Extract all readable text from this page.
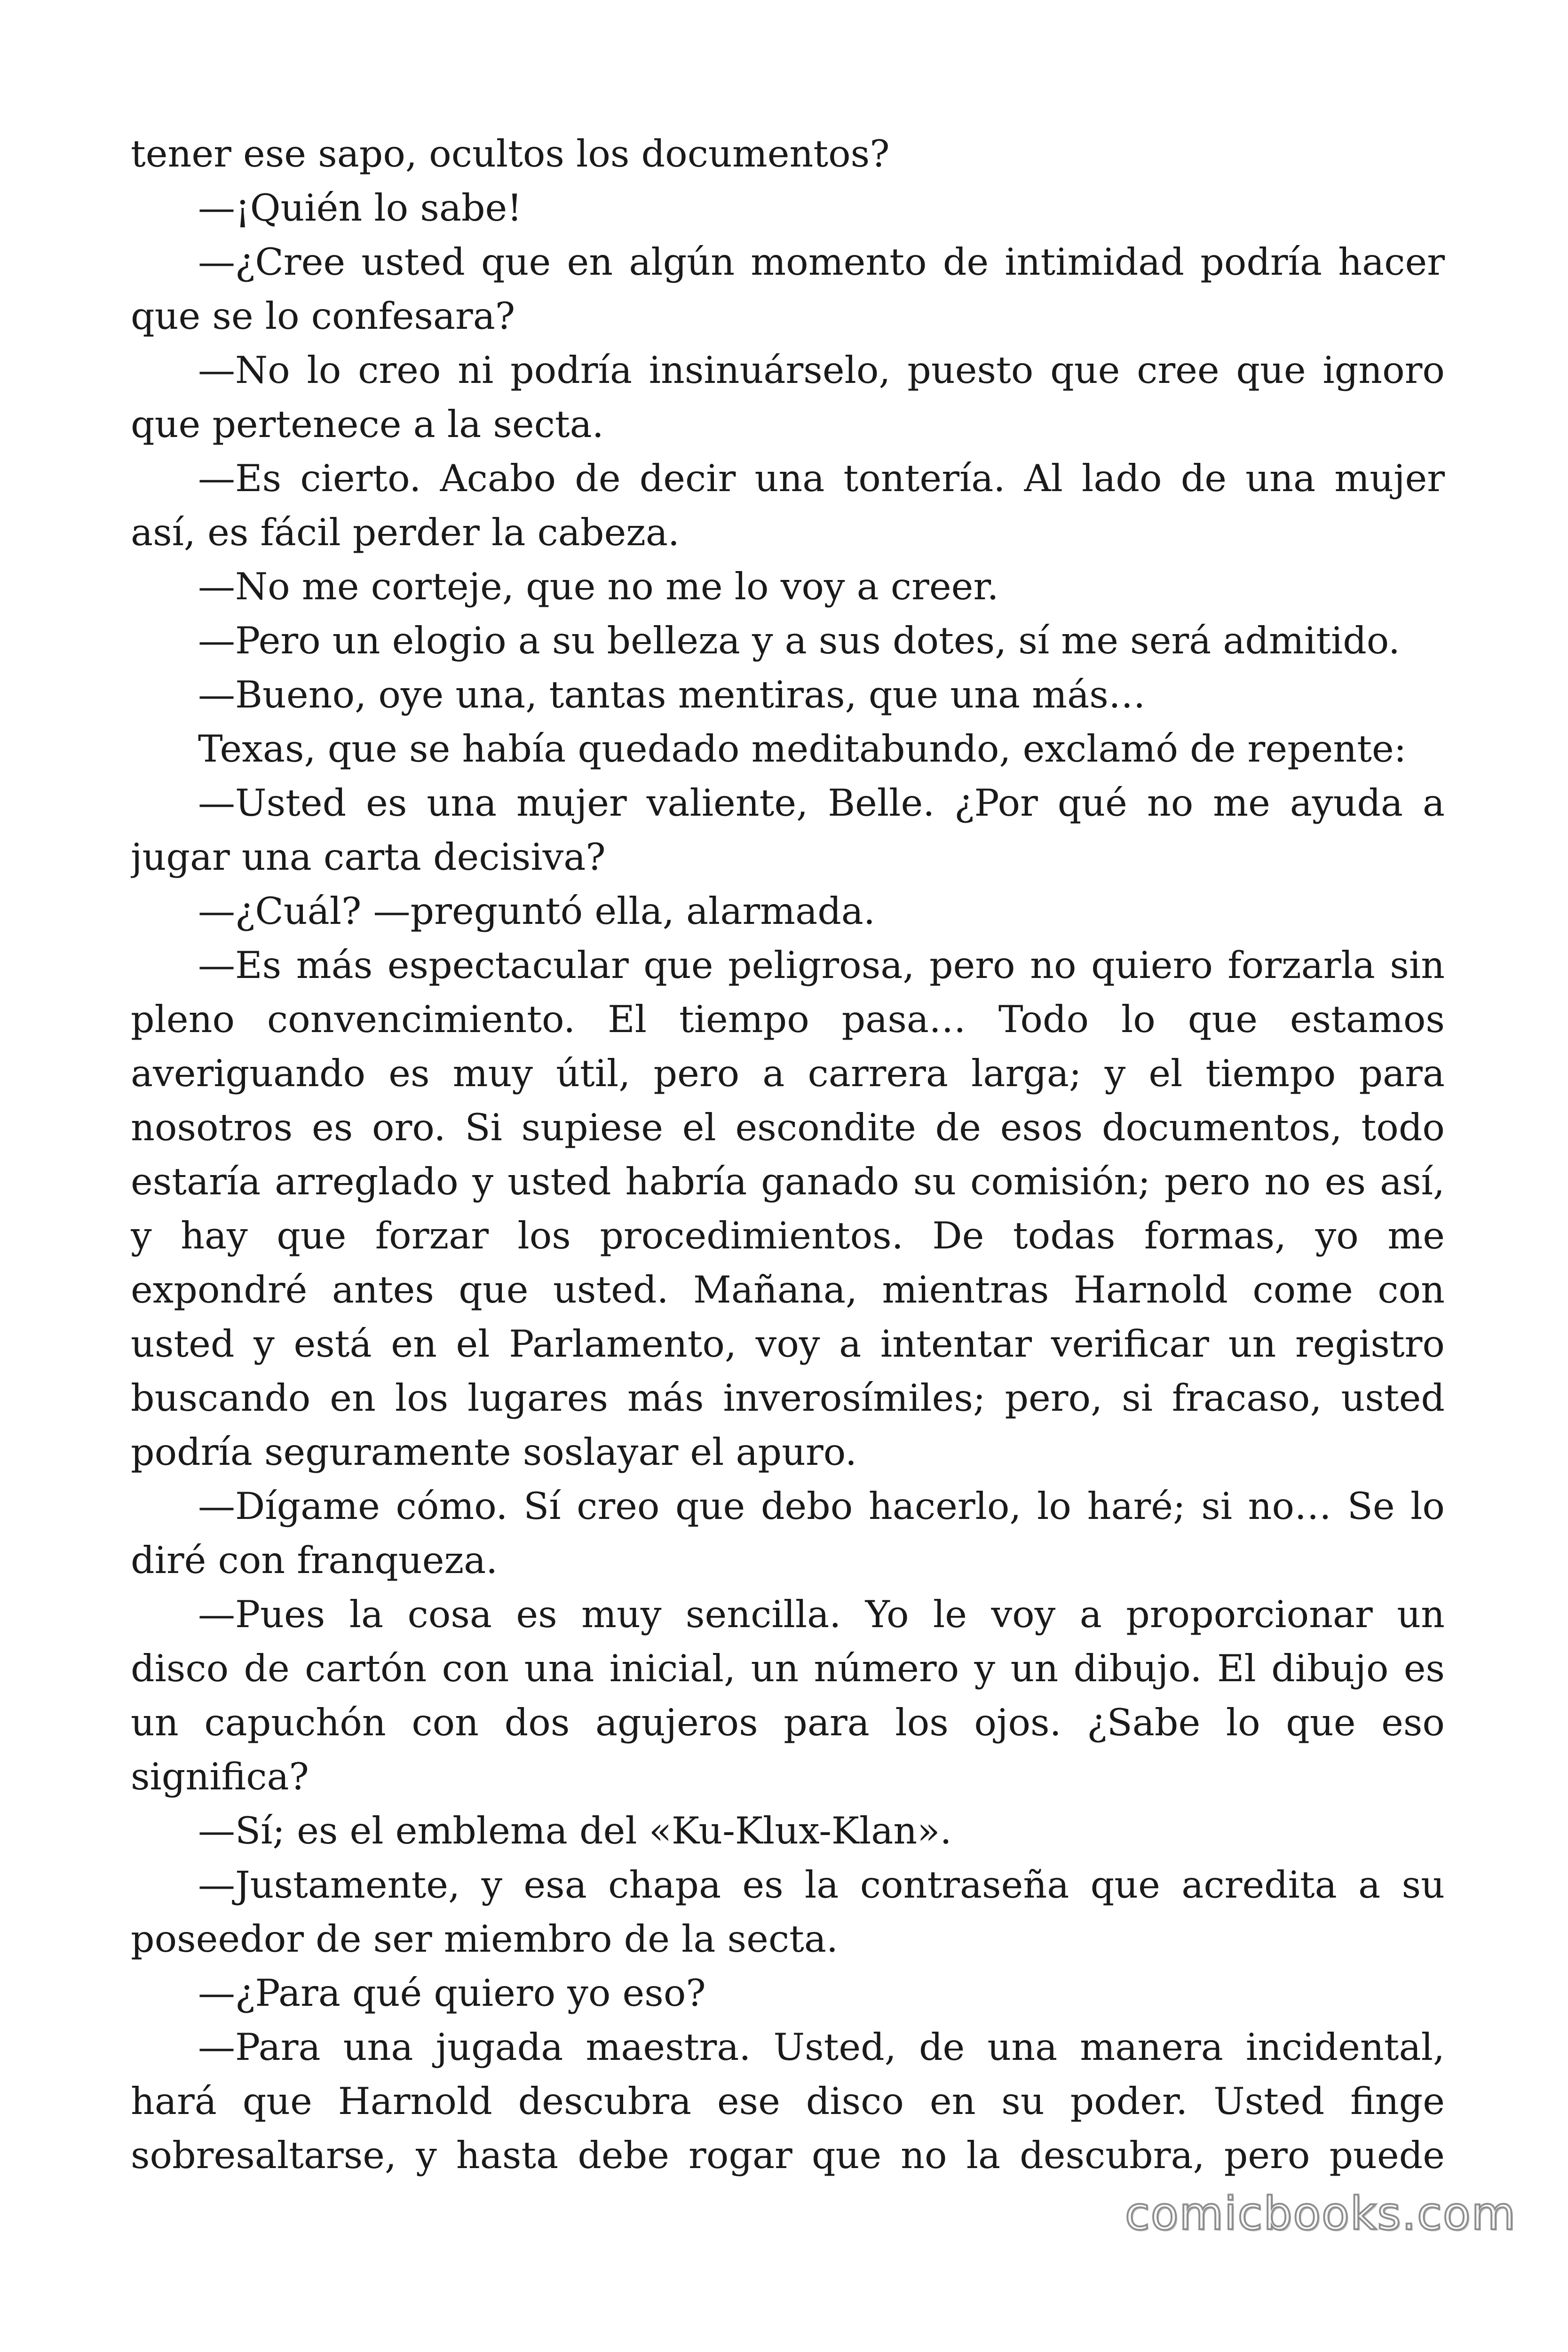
tener ese sapo, ocultos los documentos?
—¡Quién lo sabe!
—¿Cree usted que en algún momento de intimidad podría hacer
que se lo confesara?
—No lo creo ni podría insinuárselo, puesto que cree que ignoro
que pertenece a la secta.
—Es cierto. Acabo de decir una tontería. Al lado de una mujer
así, es fácil perder la cabeza.
—No me corteje, que no me lo voy a creer.
—Pero un elogio a su belleza y a sus dotes, sí me será admitido.
—Bueno, oye una, tantas mentiras, que una más…
Texas, que se había quedado meditabundo, exclamó de repente:
—Usted es una mujer valiente, Belle. ¿Por qué no me ayuda a
jugar una carta decisiva?
—¿Cuál? —preguntó ella, alarmada.
—Es más espectacular que peligrosa, pero no quiero forzarla sin
pleno convencimiento. El tiempo pasa… Todo lo que estamos
averiguando es muy útil, pero a carrera larga; y el tiempo para
nosotros es oro. Si supiese el escondite de esos documentos, todo
estaría arreglado y usted habría ganado su comisión; pero no es así,
y hay que forzar los procedimientos. De todas formas, yo me
expondré antes que usted. Mañana, mientras Harnold come con
usted y está en el Parlamento, voy a intentar verificar un registro
buscando en los lugares más inverosímiles; pero, si fracaso, usted
podría seguramente soslayar el apuro.
—Dígame cómo. Sí creo que debo hacerlo, lo haré; si no… Se lo
diré con franqueza.
—Pues la cosa es muy sencilla. Yo le voy a proporcionar un
disco de cartón con una inicial, un número y un dibujo. El dibujo es
un capuchón con dos agujeros para los ojos. ¿Sabe lo que eso
significa?
—Sí; es el emblema del «Ku-Klux-Klan».
—Justamente, y esa chapa es la contraseña que acredita a su
poseedor de ser miembro de la secta.
—¿Para qué quiero yo eso?
—Para una jugada maestra. Usted, de una manera incidental,
hará que Harnold descubra ese disco en su poder. Usted finge
sobresaltarse, y hasta debe rogar que no la descubra, pero puede
comicbooks.com
